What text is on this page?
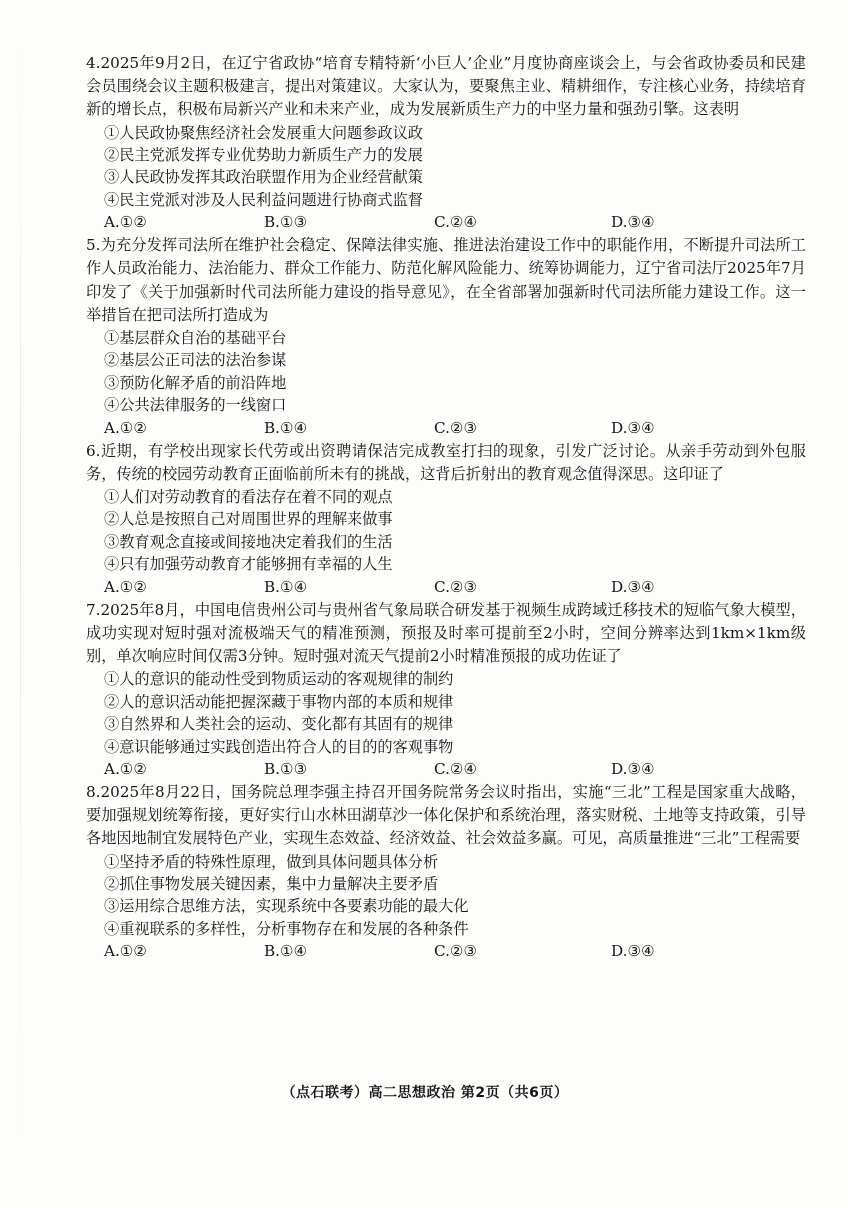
4.2025年9月2日，在辽宁省政协“培育专精特新‘小巨人’企业”月度协商座谈会上，与会省政协委员和民建会员围绕会议主题积极建言，提出对策建议。大家认为，要聚焦主业、精耕细作，专注核心业务，持续培育新的增长点，积极布局新兴产业和未来产业，成为发展新质生产力的中坚力量和强劲引擎。这表明

①人民政协聚焦经济社会发展重大问题参政议政
②民主党派发挥专业优势助力新质生产力的发展
③人民政协发挥其政治联盟作用为企业经营献策
④民主党派对涉及人民利益问题进行协商式监督
A.①②	B.①③	C.②④	D.③④

5.为充分发挥司法所在维护社会稳定、保障法律实施、推进法治建设工作中的职能作用，不断提升司法所工作人员政治能力、法治能力、群众工作能力、防范化解风险能力、统筹协调能力，辽宁省司法厅2025年7月印发了《关于加强新时代司法所能力建设的指导意见》，在全省部署加强新时代司法所能力建设工作。这一举措旨在把司法所打造成为

①基层群众自治的基础平台
②基层公正司法的法治参谋
③预防化解矛盾的前沿阵地
④公共法律服务的一线窗口
A.①②	B.①④	C.②③	D.③④

6.近期，有学校出现家长代劳或出资聘请保洁完成教室打扫的现象，引发广泛讨论。从亲手劳动到外包服务，传统的校园劳动教育正面临前所未有的挑战，这背后折射出的教育观念值得深思。这印证了

①人们对劳动教育的看法存在着不同的观点
②人总是按照自己对周围世界的理解来做事
③教育观念直接或间接地决定着我们的生活
④只有加强劳动教育才能够拥有幸福的人生
A.①②	B.①④	C.②③	D.③④

7.2025年8月，中国电信贵州公司与贵州省气象局联合研发基于视频生成跨域迁移技术的短临气象大模型，成功实现对短时强对流极端天气的精准预测，预报及时率可提前至2小时，空间分辨率达到1km×1km级别，单次响应时间仅需3分钟。短时强对流天气提前2小时精准预报的成功佐证了

①人的意识的能动性受到物质运动的客观规律的制约
②人的意识活动能把握深藏于事物内部的本质和规律
③自然界和人类社会的运动、变化都有其固有的规律
④意识能够通过实践创造出符合人的目的的客观事物
A.①②	B.①③	C.②④	D.③④

8.2025年8月22日，国务院总理李强主持召开国务院常务会议时指出，实施“三北”工程是国家重大战略，要加强规划统筹衔接，更好实行山水林田湖草沙一体化保护和系统治理，落实财税、土地等支持政策，引导各地因地制宜发展特色产业，实现生态效益、经济效益、社会效益多赢。可见，高质量推进“三北”工程需要

①坚持矛盾的特殊性原理，做到具体问题具体分析
②抓住事物发展关键因素，集中力量解决主要矛盾
③运用综合思维方法，实现系统中各要素功能的最大化
④重视联系的多样性，分析事物存在和发展的各种条件
A.①②	B.①④	C.②③	D.③④
（点石联考）高二思想政治 第2页（共6页）
